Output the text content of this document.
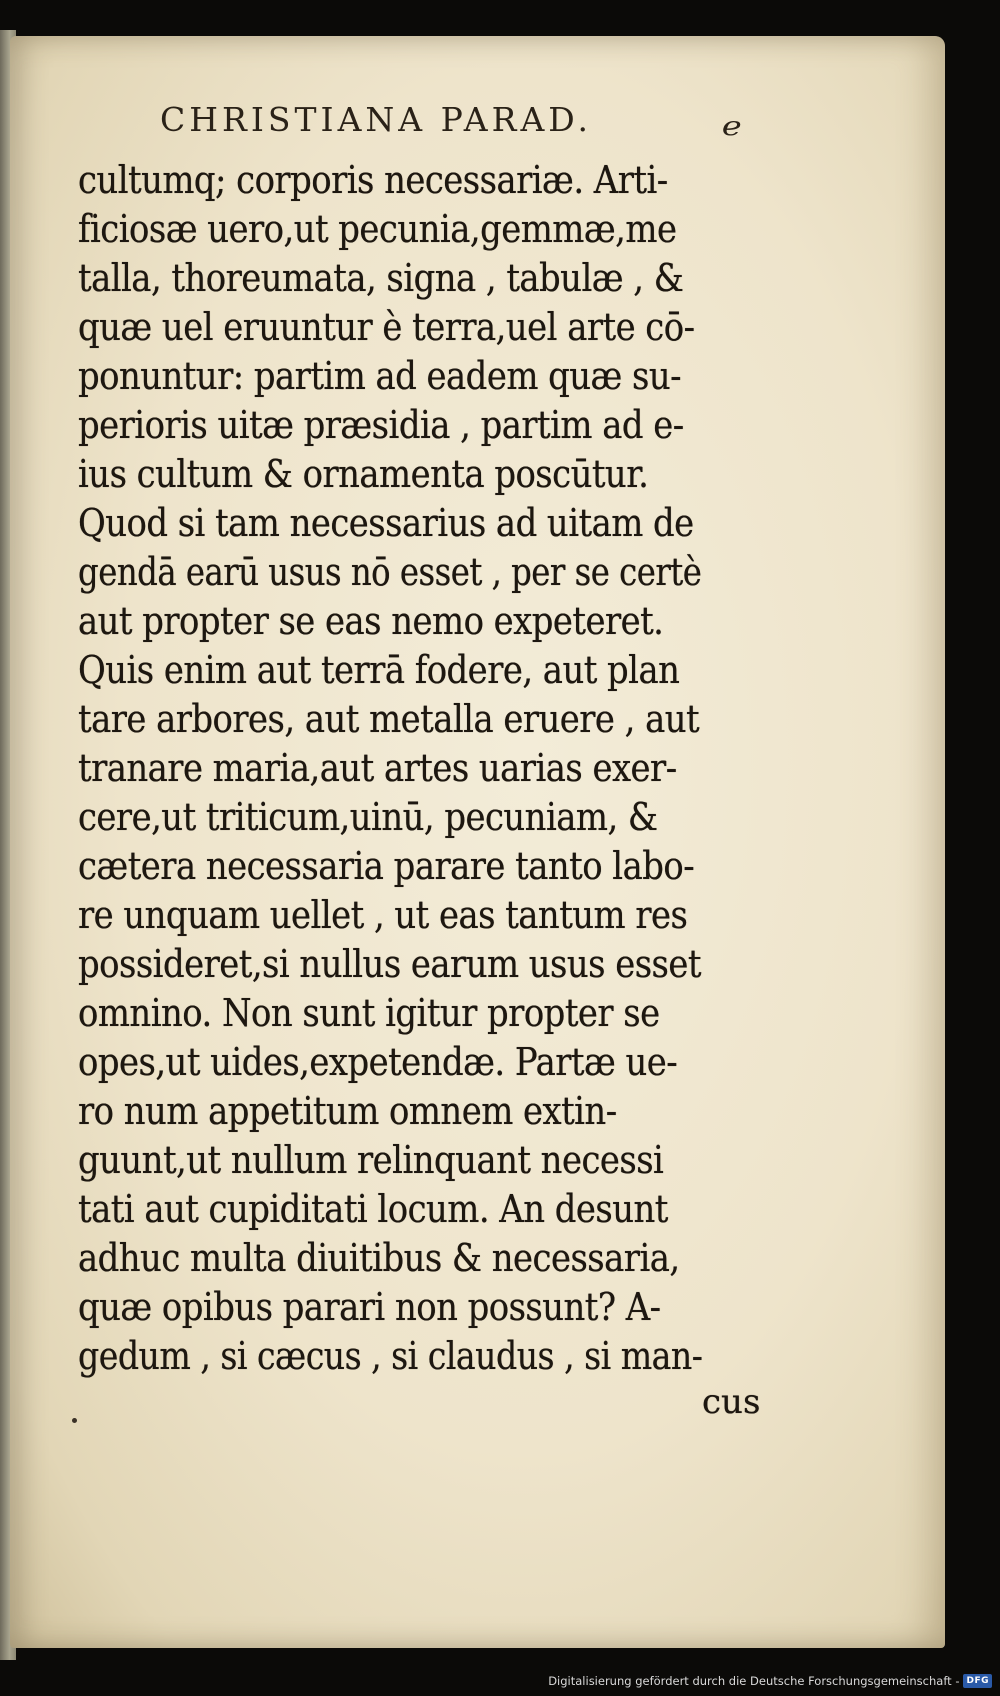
CHRISTIANA PARAD.	e
cultumq; corporis necessariæ. Arti-
ficiosæ uero,ut pecunia,gemmæ,me
talla, thoreumata, signa , tabulæ , &
quæ uel eruuntur è terra,uel arte cō-
ponuntur: partim ad eadem quæ su-
perioris uitæ præsidia , partim ad e-
ius cultum & ornamenta poscūtur.
Quod si tam necessarius ad uitam de
gendā earū usus nō esset , per se certè
aut propter se eas nemo expeteret.
Quis enim aut terrā fodere, aut plan
tare arbores, aut metalla eruere , aut
tranare maria,aut artes uarias exer-
cere,ut triticum,uinū, pecuniam, &
cætera necessaria parare tanto labo-
re unquam uellet , ut eas tantum res
possideret,si nullus earum usus esset
omnino. Non sunt igitur propter se
opes,ut uides,expetendæ. Partæ ue-
ro num appetitum omnem extin-
guunt,ut nullum relinquant necessi
tati aut cupiditati locum. An desunt
adhuc multa diuitibus & necessaria,
quæ opibus parari non possunt? A-
gedum , si cæcus , si claudus , si man-
cus
Digitalisierung gefördert durch die Deutsche Forschungsgemeinschaft - DFG
